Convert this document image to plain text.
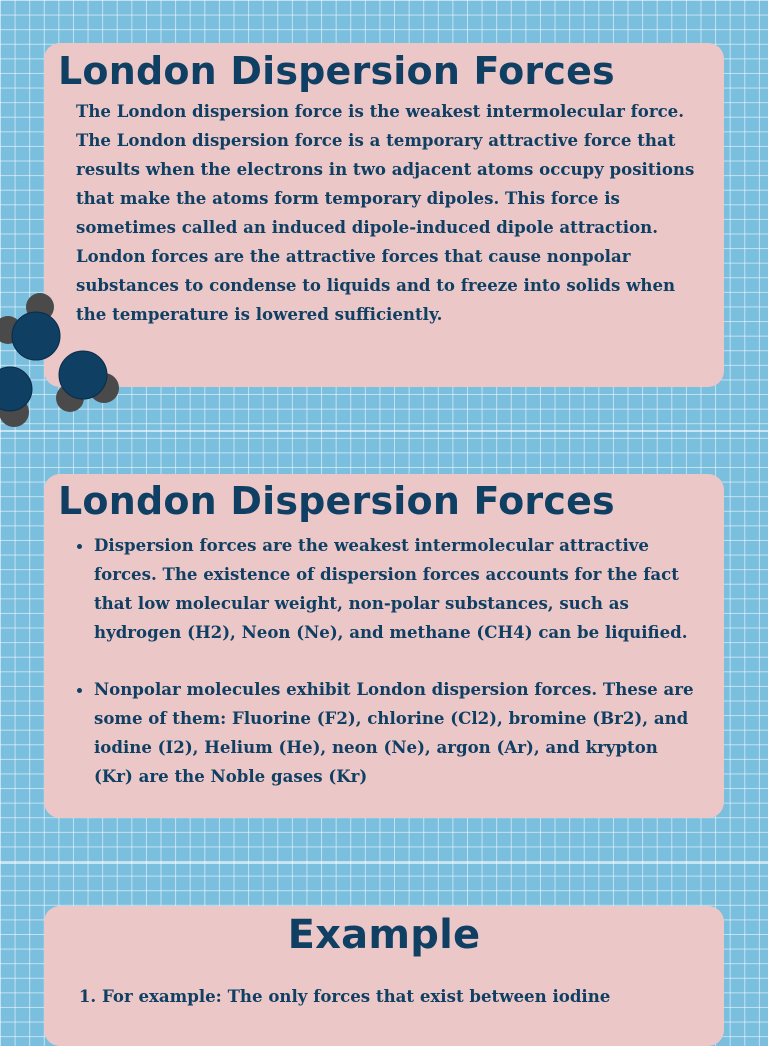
London Dispersion Forces

The London dispersion force is the weakest intermolecular force. The London dispersion force is a temporary attractive force that results when the electrons in two adjacent atoms occupy positions that make the atoms form temporary dipoles. This force is sometimes called an induced dipole-induced dipole attraction. London forces are the attractive forces that cause nonpolar substances to condense to liquids and to freeze into solids when the temperature is lowered sufficiently.

London Dispersion Forces
• Dispersion forces are the weakest intermolecular attractive forces. The existence of dispersion forces accounts for the fact that low molecular weight, non-polar substances, such as hydrogen (H2), Neon (Ne), and methane (CH4) can be liquified.
• Nonpolar molecules exhibit London dispersion forces. These are some of them: Fluorine (F2), chlorine (Cl2), bromine (Br2), and iodine (I2), Helium (He), neon (Ne), argon (Ar), and krypton (Kr) are the Noble gases (Kr)
Example
1. For example: The only forces that exist between iodine
